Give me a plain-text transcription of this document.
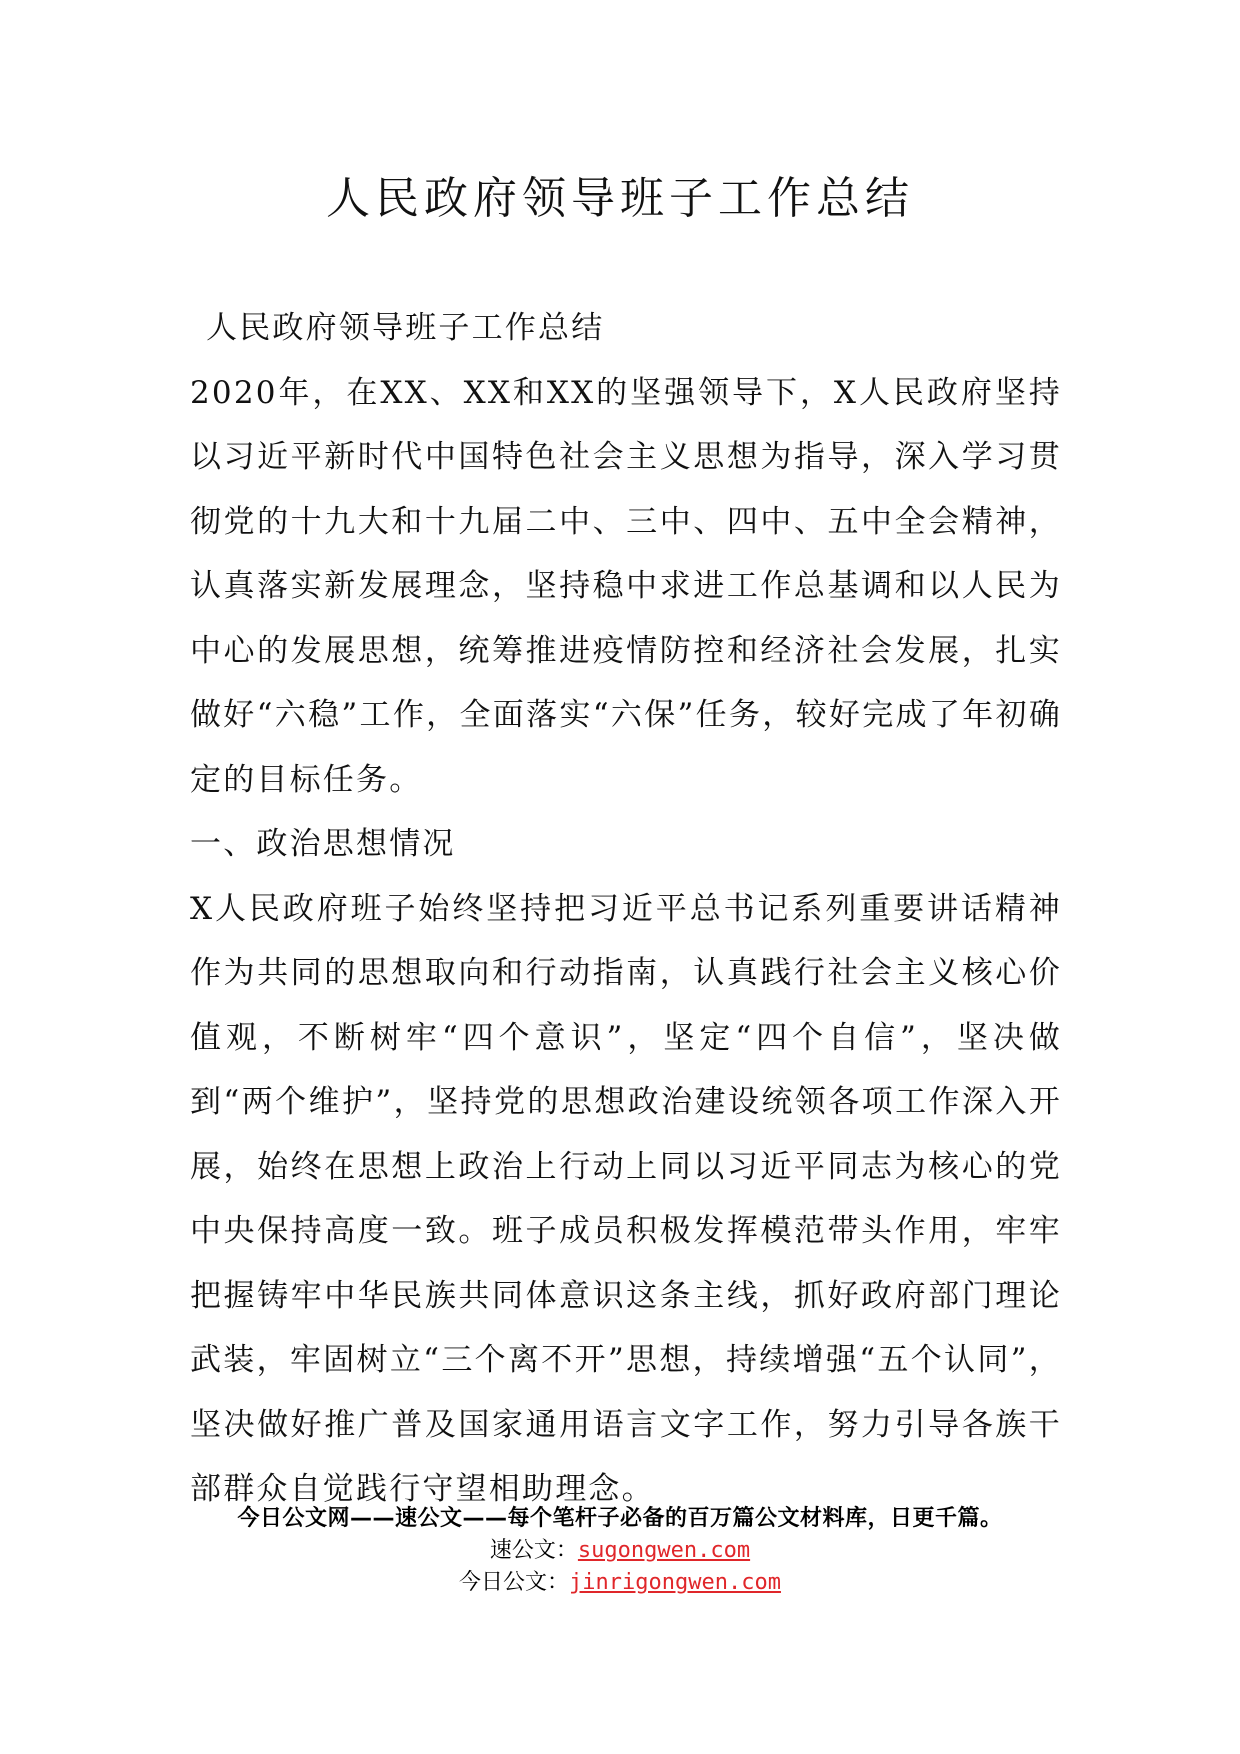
人民政府领导班子工作总结

人民政府领导班子工作总结

2020年，在XX、XX和XX的坚强领导下，X人民政府坚持以习近平新时代中国特色社会主义思想为指导，深入学习贯彻党的十九大和十九届二中、三中、四中、五中全会精神，认真落实新发展理念，坚持稳中求进工作总基调和以人民为中心的发展思想，统筹推进疫情防控和经济社会发展，扎实做好“六稳”工作，全面落实“六保”任务，较好完成了年初确定的目标任务。

一、政治思想情况

X人民政府班子始终坚持把习近平总书记系列重要讲话精神作为共同的思想取向和行动指南，认真践行社会主义核心价值观，不断树牢“四个意识”，坚定“四个自信”，坚决做到“两个维护”，坚持党的思想政治建设统领各项工作深入开展，始终在思想上政治上行动上同以习近平同志为核心的党中央保持高度一致。班子成员积极发挥模范带头作用，牢牢把握铸牢中华民族共同体意识这条主线，抓好政府部门理论武装，牢固树立“三个离不开”思想，持续增强“五个认同”，坚决做好推广普及国家通用语言文字工作，努力引导各族干部群众自觉践行守望相助理念。

今日公文网——速公文——每个笔杆子必备的百万篇公文材料库，日更千篇。
速公文：sugongwen.com
今日公文：jinrigongwen.com
